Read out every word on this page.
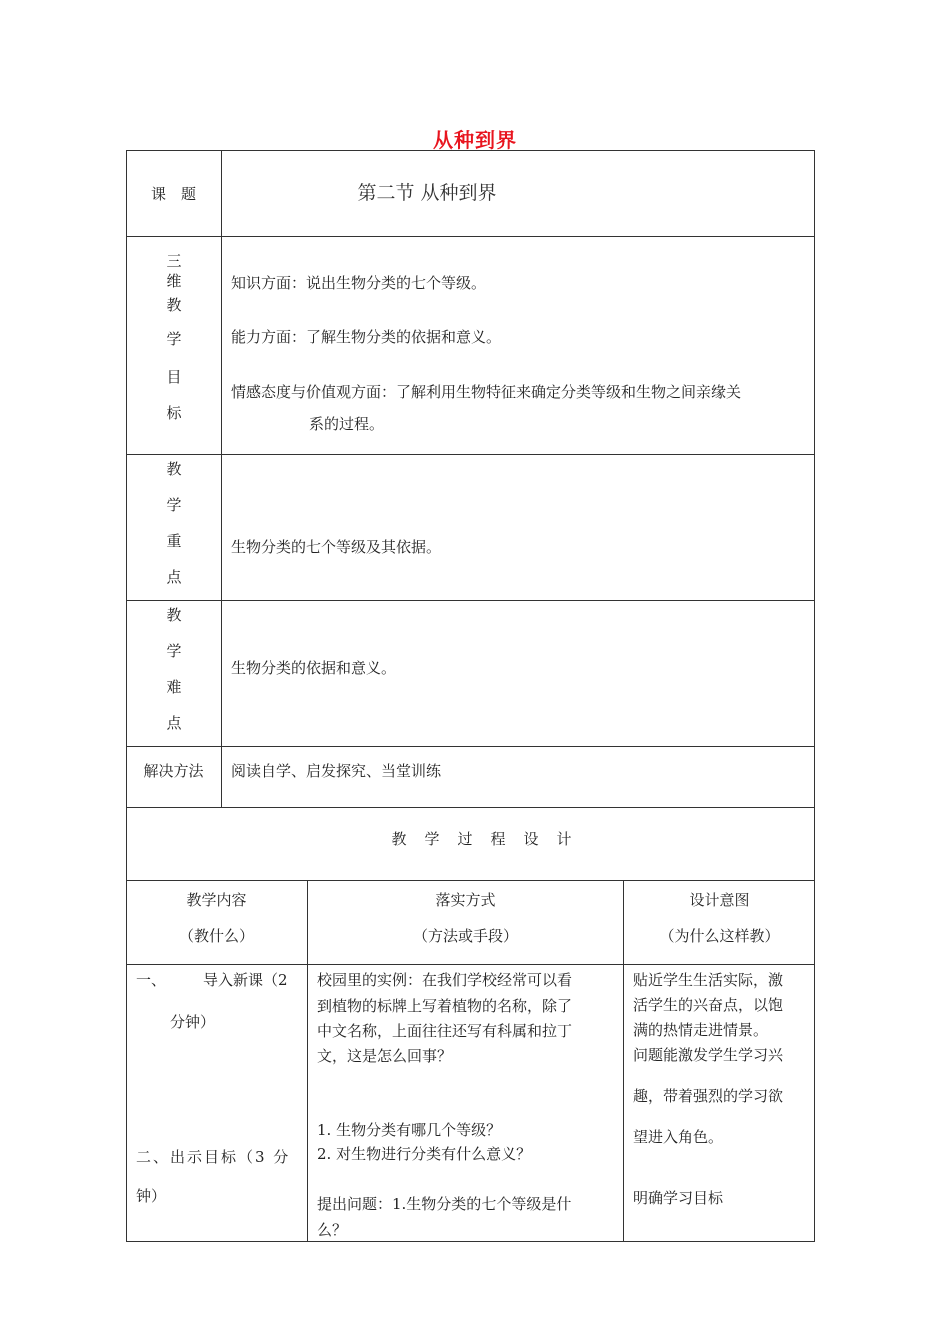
从种到界
课　题	第二节 从种到界
三
维
教
学
目
标
知识方面：说出生物分类的七个等级。
能力方面：了解生物分类的依据和意义。
情感态度与价值观方面：了解利用生物特征来确定分类等级和生物之间亲缘关
系的过程。
教
学
重
点
生物分类的七个等级及其依据。
教
学
难
点
生物分类的依据和意义。
解决方法	阅读自学、启发探究、当堂训练
教学过程设计
教学内容
（教什么）
落实方式
（方法或手段）
设计意图
（为什么这样教）
一、 导入新课（2
分钟）
二、出示目标（3 分
钟）
校园里的实例：在我们学校经常可以看
到植物的标牌上写着植物的名称，除了
中文名称，上面往往还写有科属和拉丁
文，这是怎么回事？
1. 生物分类有哪几个等级？
2. 对生物进行分类有什么意义？
提出问题：1.生物分类的七个等级是什
么？
贴近学生生活实际，激
活学生的兴奋点，以饱
满的热情走进情景。
问题能激发学生学习兴
趣，带着强烈的学习欲
望进入角色。
明确学习目标
